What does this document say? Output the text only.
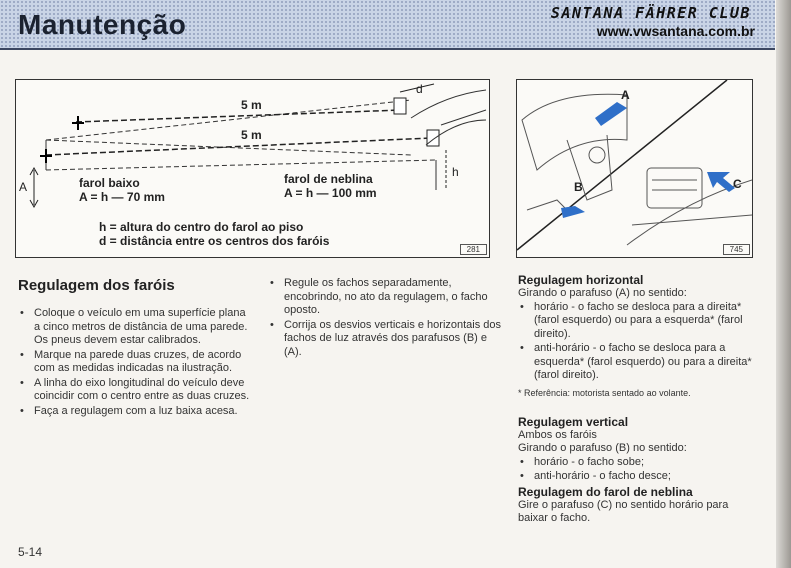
Manutenção	SANTANA FÄHRER CLUB
www.vwsantana.com.br
5 m
5 m
d
h
A	farol baixo
A = h — 70 mm
farol de neblina
A = h — 100 mm
h = altura do centro do farol ao piso
d = distância entre os centros dos faróis
281
A
B	C
745
Regulagem dos faróis
• Coloque o veículo em uma superfície plana a cinco metros de distância de uma parede. Os pneus devem estar calibrados.
• Marque na parede duas cruzes, de acordo com as medidas indicadas na ilustração.
• A linha do eixo longitudinal do veículo deve coincidir com o centro entre as duas cruzes.
• Faça a regulagem com a luz baixa acesa.
• Regule os fachos separadamente, encobrindo, no ato da regulagem, o facho oposto.
• Corrija os desvios verticais e horizontais dos fachos de luz através dos parafusos (B) e (A).
Regulagem horizontal
Girando o parafuso (A) no sentido:
• horário - o facho se desloca para a direita* (farol esquerdo) ou para a esquerda* (farol direito).
• anti-horário - o facho se desloca para a esquerda* (farol esquerdo) ou para a direita* (farol direito).
* Referência: motorista sentado ao volante.
Regulagem vertical
Ambos os faróis
Girando o parafuso (B) no sentido:
• horário - o facho sobe;
• anti-horário - o facho desce;
Regulagem do farol de neblina
Gire o parafuso (C) no sentido horário para baixar o facho.
5-14
